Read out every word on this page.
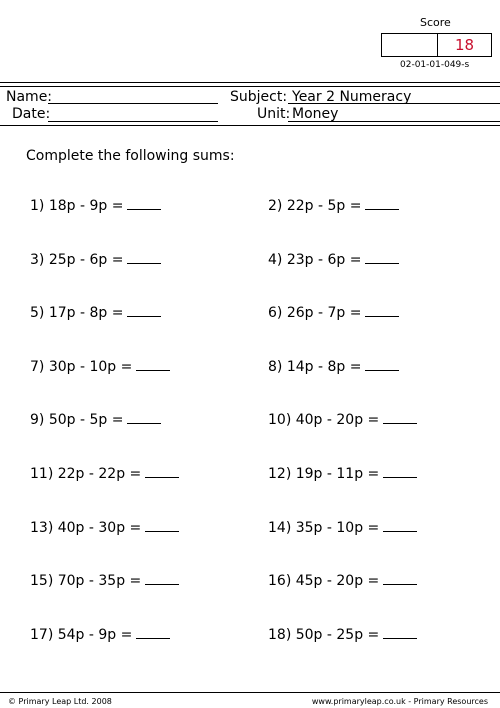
Score
18
02-01-01-049-s
Name:
Date:
Subject: Year 2 Numeracy
Unit: Money
Complete the following sums:
1) 18p - 9p =	2) 22p - 5p =
3) 25p - 6p =	4) 23p - 6p =
5) 17p - 8p =	6) 26p - 7p =
7) 30p - 10p =	8) 14p - 8p =
9) 50p - 5p =	10) 40p - 20p =
11) 22p - 22p =	12) 19p - 11p =
13) 40p - 30p =	14) 35p - 10p =
15) 70p - 35p =	16) 45p - 20p =
17) 54p - 9p =	18) 50p - 25p =
© Primary Leap Ltd. 2008	www.primaryleap.co.uk - Primary Resources
